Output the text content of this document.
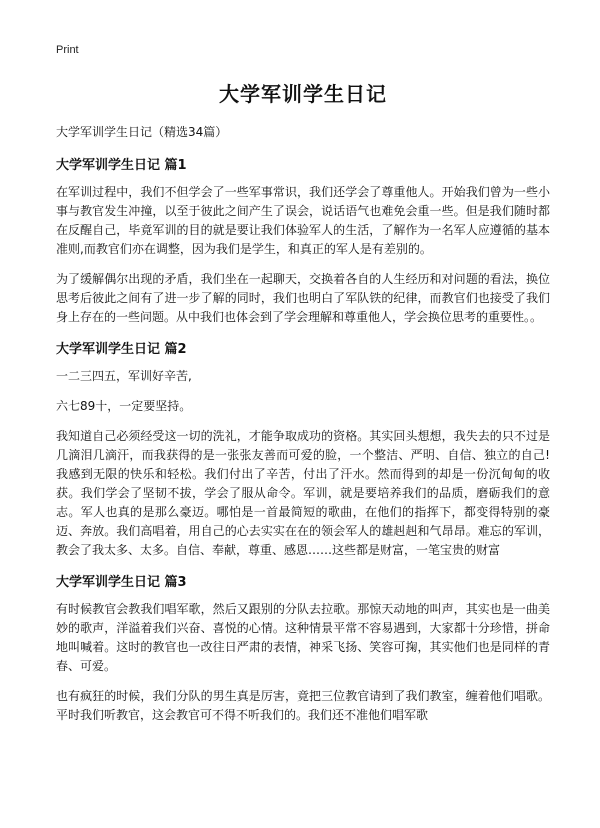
Print
大学军训学生日记
大学军训学生日记（精选34篇）
大学军训学生日记 篇1

在军训过程中，我们不但学会了一些军事常识，我们还学会了尊重他人。开始我们曾为一些小事与教官发生冲撞，以至于彼此之间产生了误会，说话语气也难免会重一些。但是我们随时都在反醒自己，毕竟军训的目的就是要让我们体验军人的生活，了解作为一名军人应遵循的基本准则,而教官们亦在调整，因为我们是学生，和真正的军人是有差别的。

为了缓解偶尔出现的矛盾，我们坐在一起聊天，交换着各自的人生经历和对问题的看法，换位思考后彼此之间有了进一步了解的同时，我们也明白了军队铁的纪律，而教官们也接受了我们身上存在的一些问题。从中我们也体会到了学会理解和尊重他人，学会换位思考的重要性。。

大学军训学生日记 篇2

一二三四五，军训好辛苦,

六七89十，一定要坚持。

我知道自己必须经受这一切的洗礼，才能争取成功的资格。其实回头想想，我失去的只不过是几滴泪几滴汗，而我获得的是一张张友善而可爱的脸，一个整洁、严明、自信、独立的自己!我感到无限的快乐和轻松。我们付出了辛苦，付出了汗水。然而得到的却是一份沉甸甸的收获。我们学会了坚韧不拔，学会了服从命令。军训，就是要培养我们的品质，磨砺我们的意志。军人也真的是那么豪迈。哪怕是一首最简短的歌曲，在他们的指挥下，都变得特别的豪迈、奔放。我们高唱着，用自己的心去实实在在的领会军人的雄赳赳和气昂昂。难忘的军训，教会了我太多、太多。自信、奉献，尊重、感恩……这些都是财富，一笔宝贵的财富

大学军训学生日记 篇3

有时候教官会教我们唱军歌，然后又跟别的分队去拉歌。那惊天动地的叫声，其实也是一曲美妙的歌声，洋溢着我们兴奋、喜悦的心情。这种情景平常不容易遇到，大家都十分珍惜，拼命地叫喊着。这时的教官也一改往日严肃的表情，神采飞扬、笑容可掬，其实他们也是同样的青春、可爱。

也有疯狂的时候，我们分队的男生真是厉害，竟把三位教官请到了我们教室，缠着他们唱歌。平时我们听教官，这会教官可不得不听我们的。我们还不准他们唱军歌
